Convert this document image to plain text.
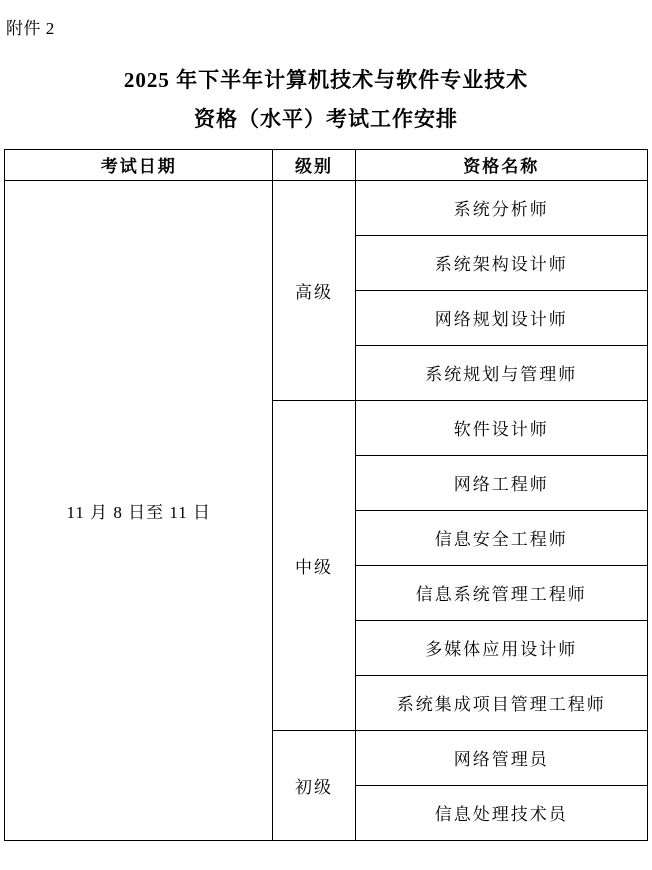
附件 2
2025 年下半年计算机技术与软件专业技术
资格（水平）考试工作安排
考试日期	级别	资格名称
11 月 8 日至 11 日	高级	系统分析师
		系统架构设计师
		网络规划设计师
		系统规划与管理师
	中级	软件设计师
		网络工程师
		信息安全工程师
		信息系统管理工程师
		多媒体应用设计师
		系统集成项目管理工程师
	初级	网络管理员
		信息处理技术员
